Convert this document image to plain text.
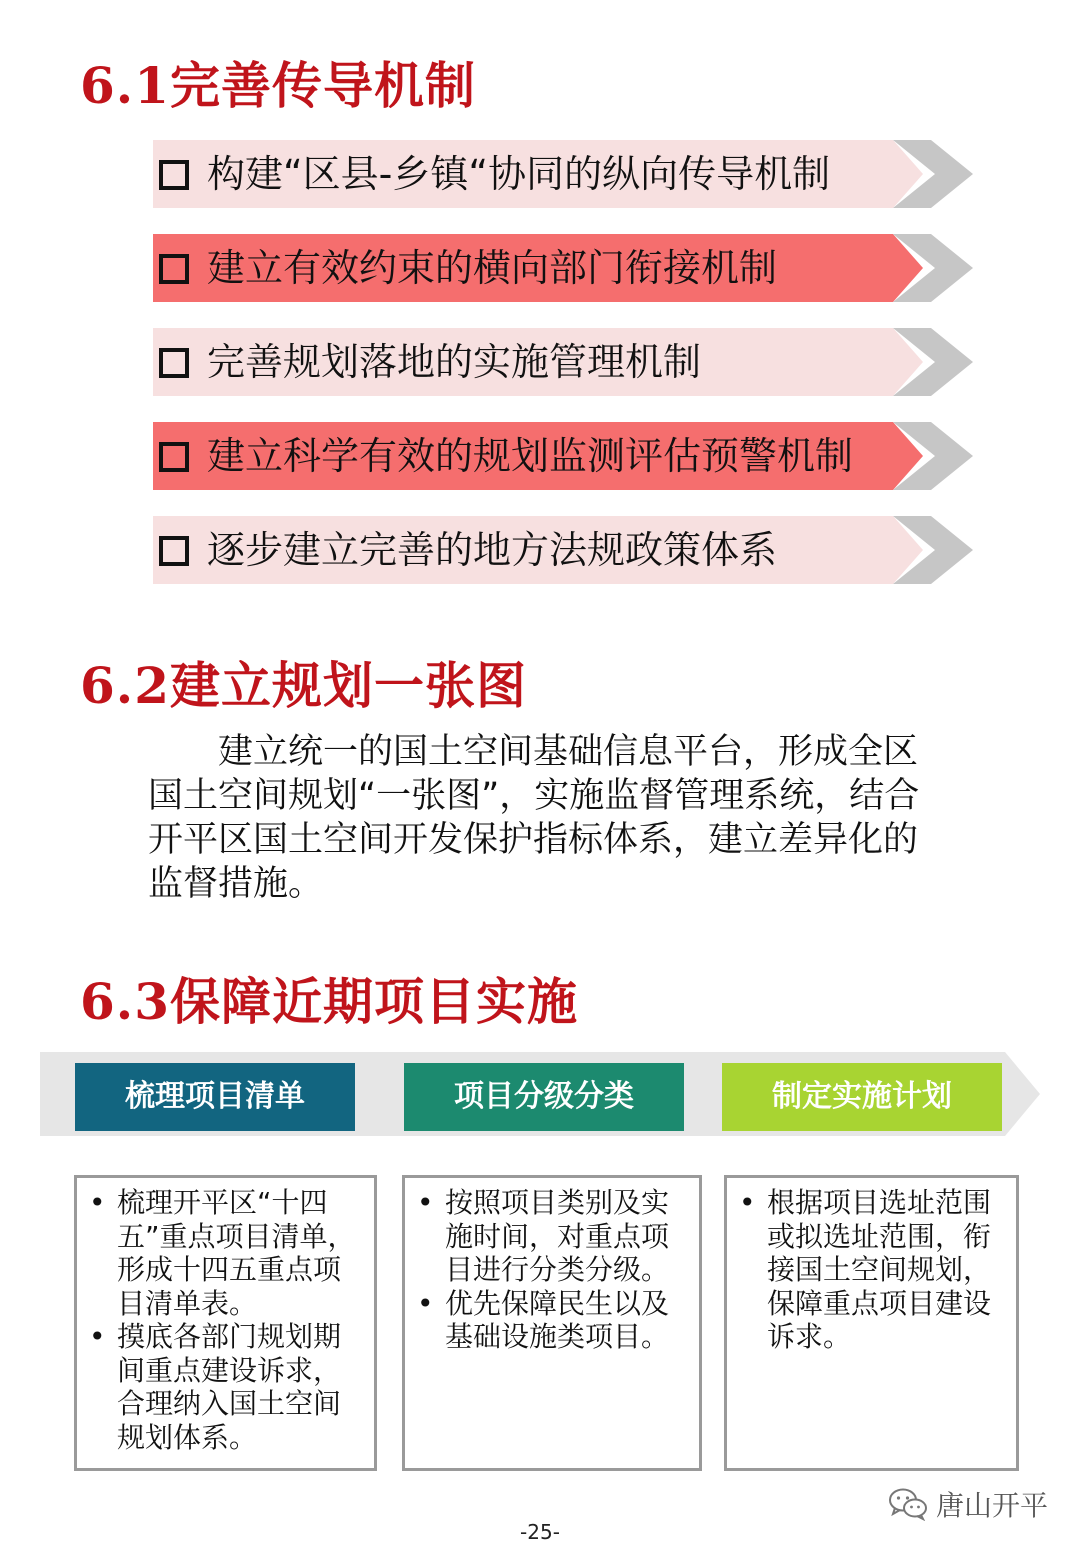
6.1完善传导机制
构建“区县-乡镇“协同的纵向传导机制
建立有效约束的横向部门衔接机制
完善规划落地的实施管理机制
建立科学有效的规划监测评估预警机制
逐步建立完善的地方法规政策体系
6.2建立规划一张图

建立统一的国土空间基础信息平台，形成全区国土空间规划“一张图”，实施监督管理系统，结合开平区国土空间开发保护指标体系，建立差异化的监督措施。

6.3保障近期项目实施
梳理项目清单	项目分级分类	制定实施计划
• 梳理开平区“十四五”重点项目清单，形成十四五重点项目清单表。
• 摸底各部门规划期间重点建设诉求，合理纳入国土空间规划体系。
• 按照项目类别及实施时间，对重点项目进行分类分级。
• 优先保障民生以及基础设施类项目。
• 根据项目选址范围或拟选址范围，衔接国土空间规划，保障重点项目建设诉求。
唐山开平
-25-
